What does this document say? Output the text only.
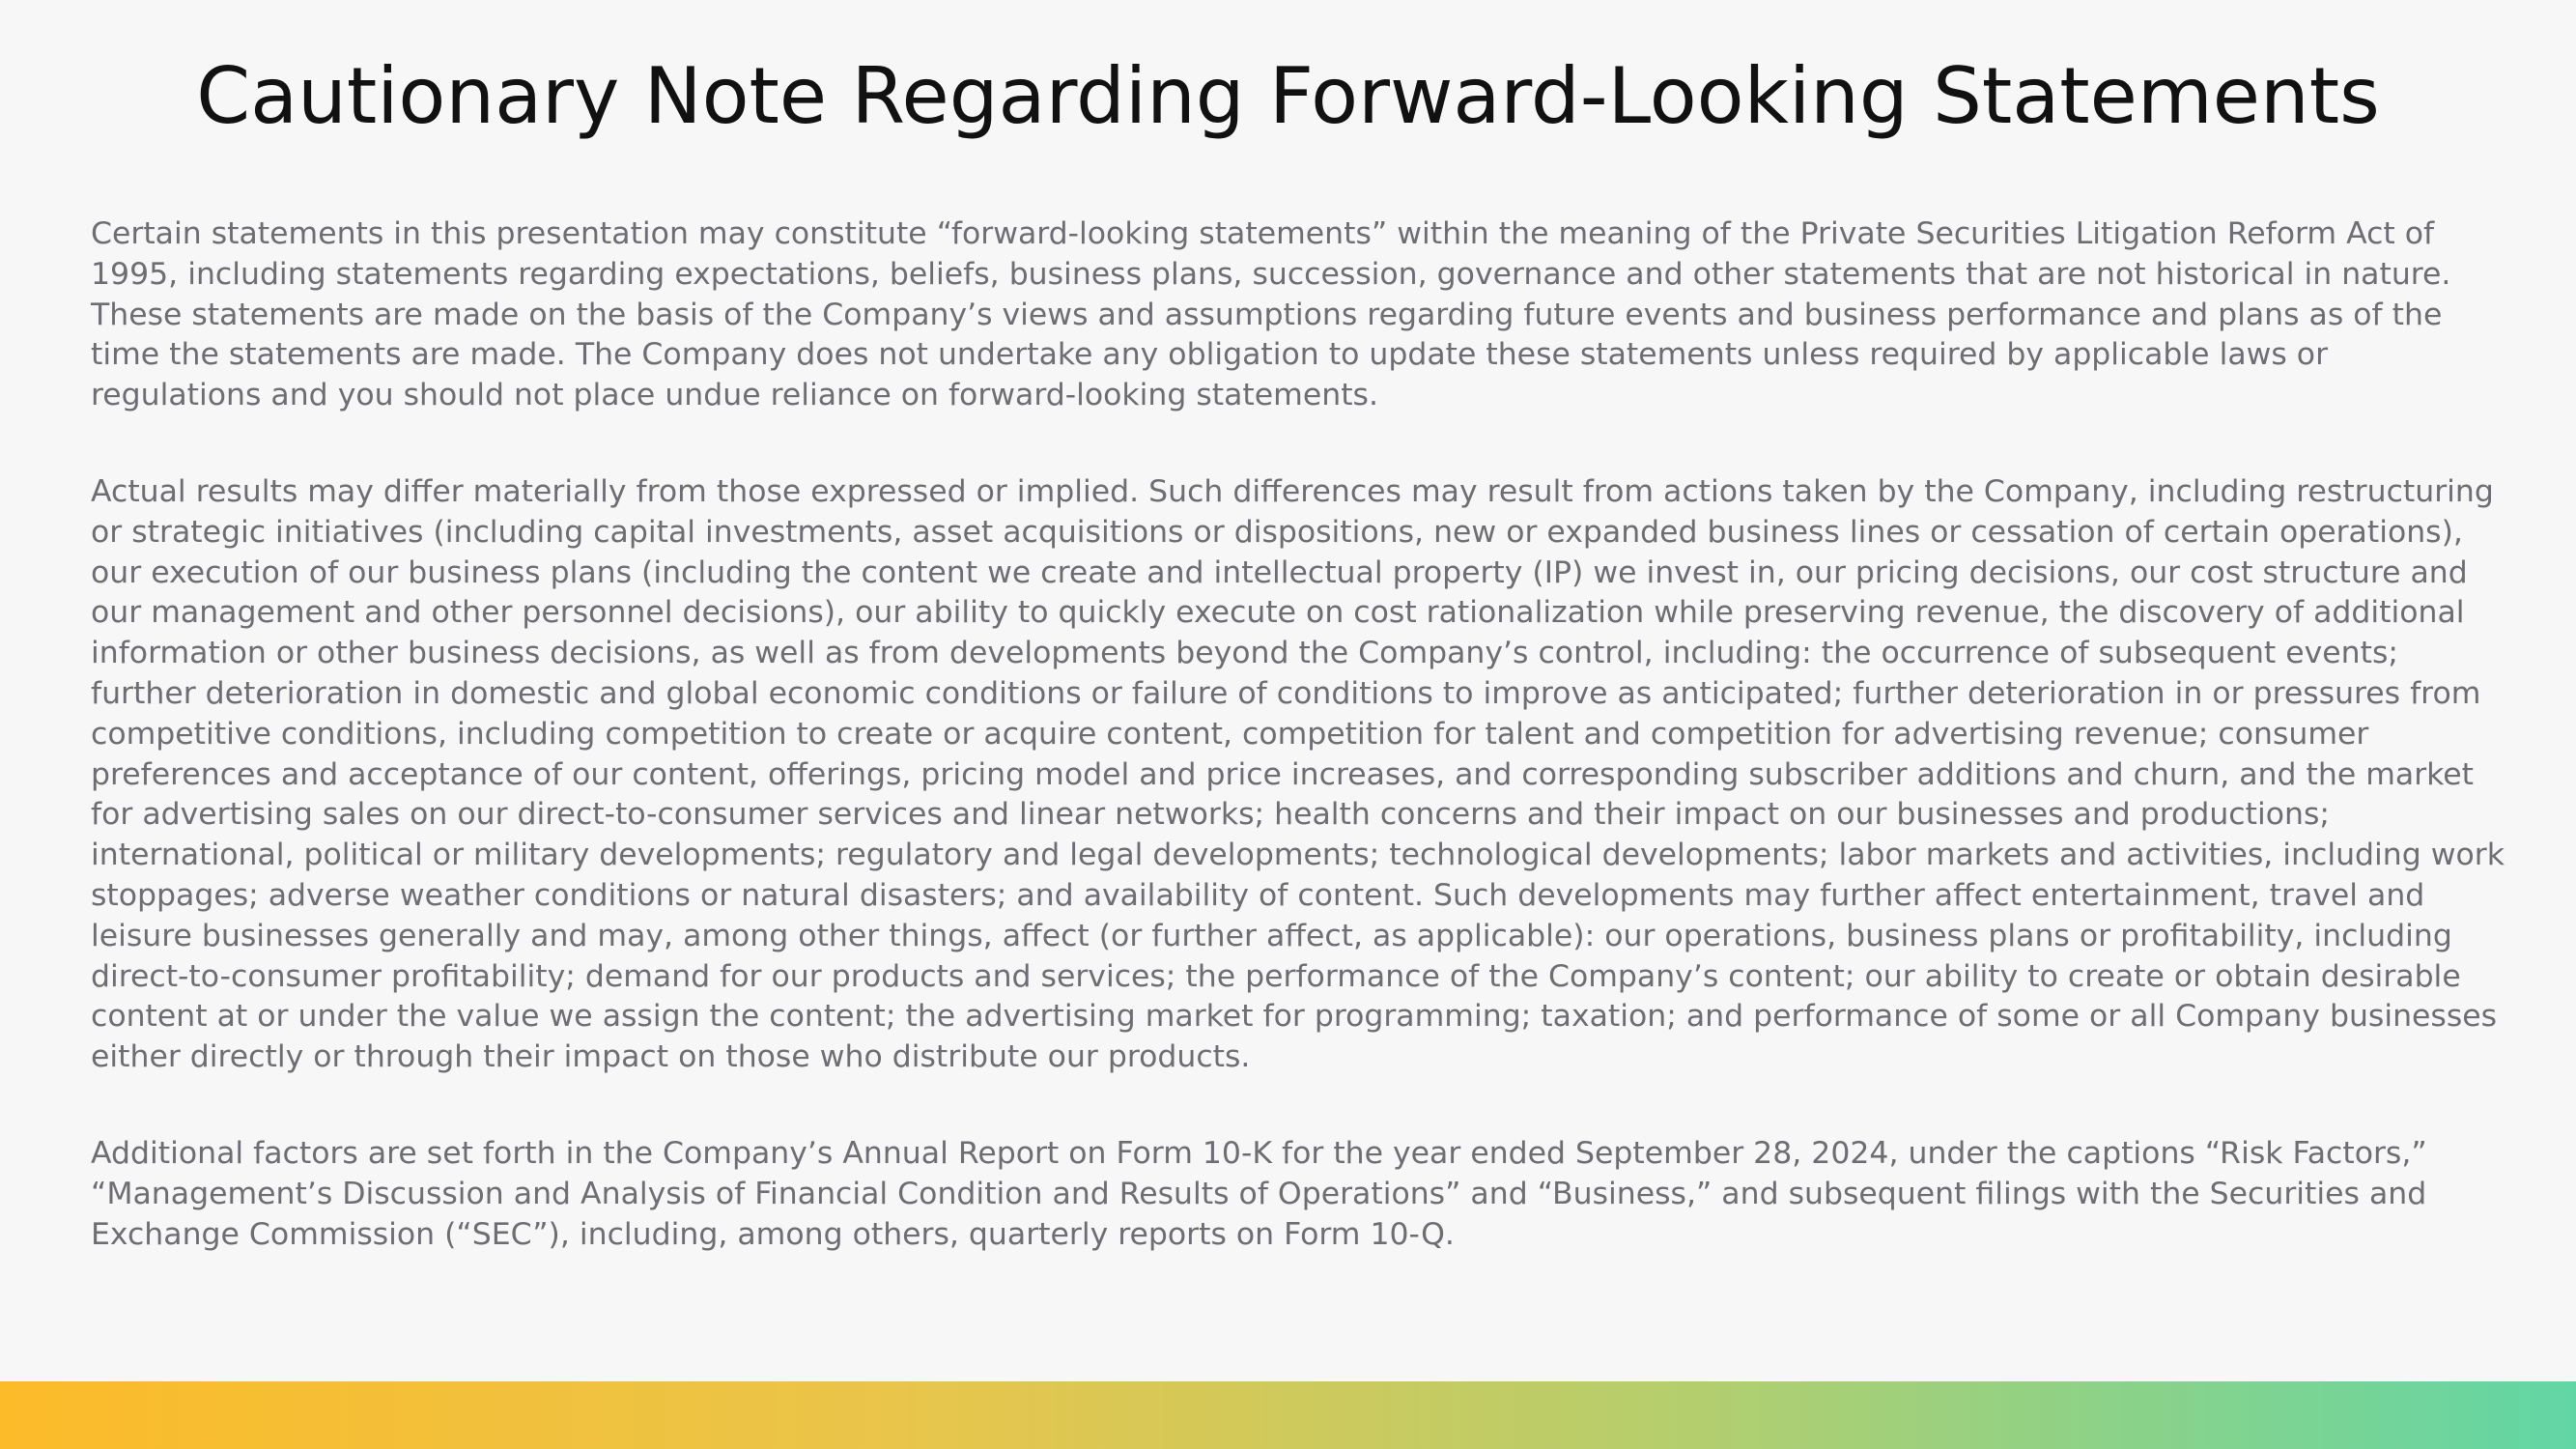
Cautionary Note Regarding Forward-Looking Statements

Certain statements in this presentation may constitute “forward-looking statements” within the meaning of the Private Securities Litigation Reform Act of 1995, including statements regarding expectations, beliefs, business plans, succession, governance and other statements that are not historical in nature. These statements are made on the basis of the Company’s views and assumptions regarding future events and business performance and plans as of the time the statements are made. The Company does not undertake any obligation to update these statements unless required by applicable laws or regulations and you should not place undue reliance on forward-looking statements.

Actual results may differ materially from those expressed or implied. Such differences may result from actions taken by the Company, including restructuring or strategic initiatives (including capital investments, asset acquisitions or dispositions, new or expanded business lines or cessation of certain operations), our execution of our business plans (including the content we create and intellectual property (IP) we invest in, our pricing decisions, our cost structure and our management and other personnel decisions), our ability to quickly execute on cost rationalization while preserving revenue, the discovery of additional information or other business decisions, as well as from developments beyond the Company’s control, including: the occurrence of subsequent events; further deterioration in domestic and global economic conditions or failure of conditions to improve as anticipated; further deterioration in or pressures from competitive conditions, including competition to create or acquire content, competition for talent and competition for advertising revenue; consumer preferences and acceptance of our content, offerings, pricing model and price increases, and corresponding subscriber additions and churn, and the market for advertising sales on our direct-to-consumer services and linear networks; health concerns and their impact on our businesses and productions; international, political or military developments; regulatory and legal developments; technological developments; labor markets and activities, including work stoppages; adverse weather conditions or natural disasters; and availability of content. Such developments may further affect entertainment, travel and leisure businesses generally and may, among other things, affect (or further affect, as applicable): our operations, business plans or profitability, including direct-to-consumer profitability; demand for our products and services; the performance of the Company’s content; our ability to create or obtain desirable content at or under the value we assign the content; the advertising market for programming; taxation; and performance of some or all Company businesses either directly or through their impact on those who distribute our products.

Additional factors are set forth in the Company’s Annual Report on Form 10-K for the year ended September 28, 2024, under the captions “Risk Factors,” “Management’s Discussion and Analysis of Financial Condition and Results of Operations” and “Business,” and subsequent filings with the Securities and Exchange Commission (“SEC”), including, among others, quarterly reports on Form 10-Q.
